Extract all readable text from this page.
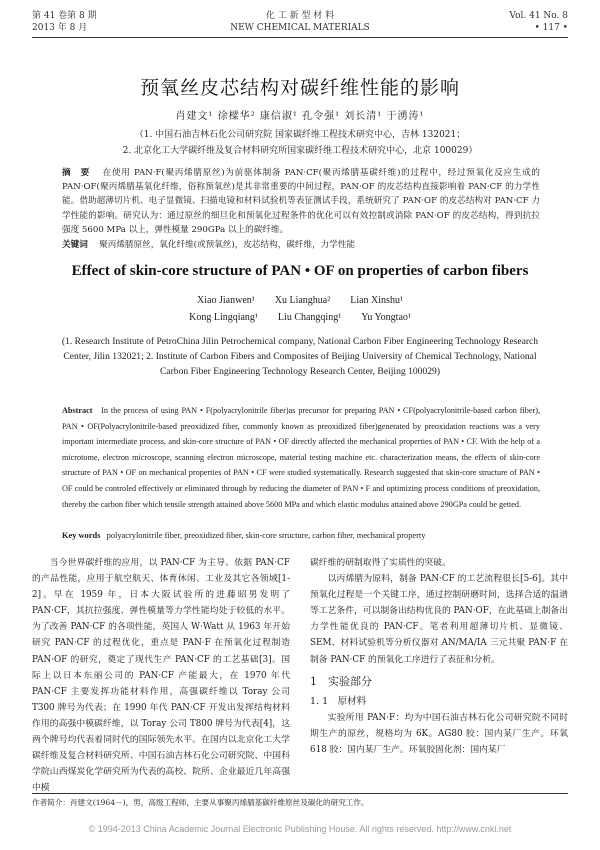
第 41 卷第 8 期
2013 年 8 月
化 工 新 型 材 料
NEW CHEMICAL MATERIALS
Vol. 41 No. 8
• 117 •
预氧丝皮芯结构对碳纤维性能的影响
肖建文¹ 徐樑华² 康信淑¹ 孔令强¹ 刘长清¹ 于湧涛¹
（1. 中国石油吉林石化公司研究院 国家碳纤维工程技术研究中心，吉林 132021；
2. 北京化工大学碳纤维及复合材料研究所国家碳纤维工程技术研究中心，北京 100029）
摘　要　 在使用 PAN·F(聚丙烯腈原丝)为前驱体制备 PAN·CF(聚丙烯腈基碳纤维)的过程中，经过预氧化反应生成的 PAN·OF(聚丙烯腈基氧化纤维，俗称预氧丝)是其非常重要的中间过程，PAN·OF 的皮芯结构直接影响着 PAN·CF 的力学性能。借助超薄切片机、电子显微镜、扫描电镜和材料试验机等表征测试手段，系统研究了 PAN·OF 的皮芯结构对 PAN·CF 力学性能的影响。研究认为：通过原丝的细旦化和预氧化过程条件的优化可以有效控制或消除 PAN·OF 的皮芯结构，得到抗拉强度 5600 MPa 以上，弹性模量 290GPa 以上的碳纤维。
关键词　 聚丙烯腈原丝，氧化纤维(或预氧丝)，皮芯结构，碳纤维，力学性能
Effect of skin-core structure of PAN • OF on properties of carbon fibers
Xiao Jianwen¹　　Xu Lianghua²　　Lian Xinshu¹
Kong Lingqiang¹　　Liu Changqing¹　　Yu Yongtao¹
(1. Research Institute of PetroChina Jilin Petrochemical company, National Carbon Fiber Engineering Technology Research Center, Jilin 132021; 2. Institute of Carbon Fibers and Composites of Beijing University of Chemical Technology, National Carbon Fiber Engineering Technology Research Center, Beijing 100029)
Abstract In the process of using PAN • F(polyacrylonitrile fiber)as precursor for preparing PAN • CF(polyacrylonitrile-based carbon fiber), PAN • OF(Polyacrylonitrile-based preoxidized fiber, commonly known as preoxidized fiber)generated by preoxidation reactions was a very important intermediate process, and skin-core structure of PAN • OF directly affected the mechanical properties of PAN • CF. With the help of a microtome, electron microscope, scanning electron microscope, material testing machine etc. characterization means, the effects of skin-core structure of PAN • OF on mechanical properties of PAN • CF were studied systematically. Research suggested that skin-core structure of PAN • OF could be controled effectively or eliminated through by reducing the diameter of PAN • F and optimizing process conditions of preoxidation, thereby the carbon fiber which tensile strength attained above 5600 MPa and which elastic modulus attained above 290GPa could be getted.
Key words polyacrylonitrile fiber, preoxidized fiber, skin-core structure, carbon fiber, mechanical property

当今世界碳纤维的应用，以 PAN·CF 为主导。依据 PAN·CF 的产品性能，应用于航空航天、体育休闲、工业及其它各领域[1-2]。早在 1959 年，日本大阪试验所的进藤昭男发明了 PAN·CF，其抗拉强度、弹性模量等力学性能均处于较低的水平。为了改善 PAN·CF 的各项性能，英国人 W·Watt 从 1963 年开始研究 PAN·CF 的过程优化，重点是 PAN·F 在预氧化过程制造 PAN·OF 的研究，奠定了现代生产 PAN·CF 的工艺基础[3]。国际上以日本东丽公司的 PAN·CF 产能最大，在 1970 年代 PAN·CF 主要发挥功能材料作用，高强碳纤维以 Toray 公司 T300 牌号为代表；在 1990 年代 PAN·CF 开发出发挥结构材料作用的高强中模碳纤维，以 Toray 公司 T800 牌号为代表[4]，这两个牌号均代表着同时代的国际领先水平。在国内以北京化工大学碳纤维及复合材料研究所、中国石油吉林石化公司研究院、中国科学院山西煤炭化学研究所为代表的高校、院所、企业最近几年高强中模

碳纤维的研制取得了实质性的突破。

以丙烯腈为原料，制备 PAN·CF 的工艺流程很长[5-6]。其中预氧化过程是一个关键工序，通过控制研磨时间，选择合适的温谱等工艺条件，可以制备出结构优良的 PAN·OF，在此基础上制备出力学性能优良的 PAN·CF。笔者利用超薄切片机、显微镜、SEM、材料试验机等分析仪器对 AN/MA/IA 三元共聚 PAN·F 在制备 PAN·CF 的预氧化工序进行了表征和分析。

1　实验部分

1. 1　原材料

实验所用 PAN·F：均为中国石油吉林石化公司研究院不同时期生产的原丝，规格均为 6K。AG80 胶：国内某厂生产。环氧 618 胶：国内某厂生产。环氧胶固化剂：国内某厂

作者简介：肖建文(1964－)，男，高级工程师，主要从事聚丙烯腈基碳纤维原丝及碳化的研究工作。
© 1994-2013 China Academic Journal Electronic Publishing House. All rights reserved. http://www.cnki.net
